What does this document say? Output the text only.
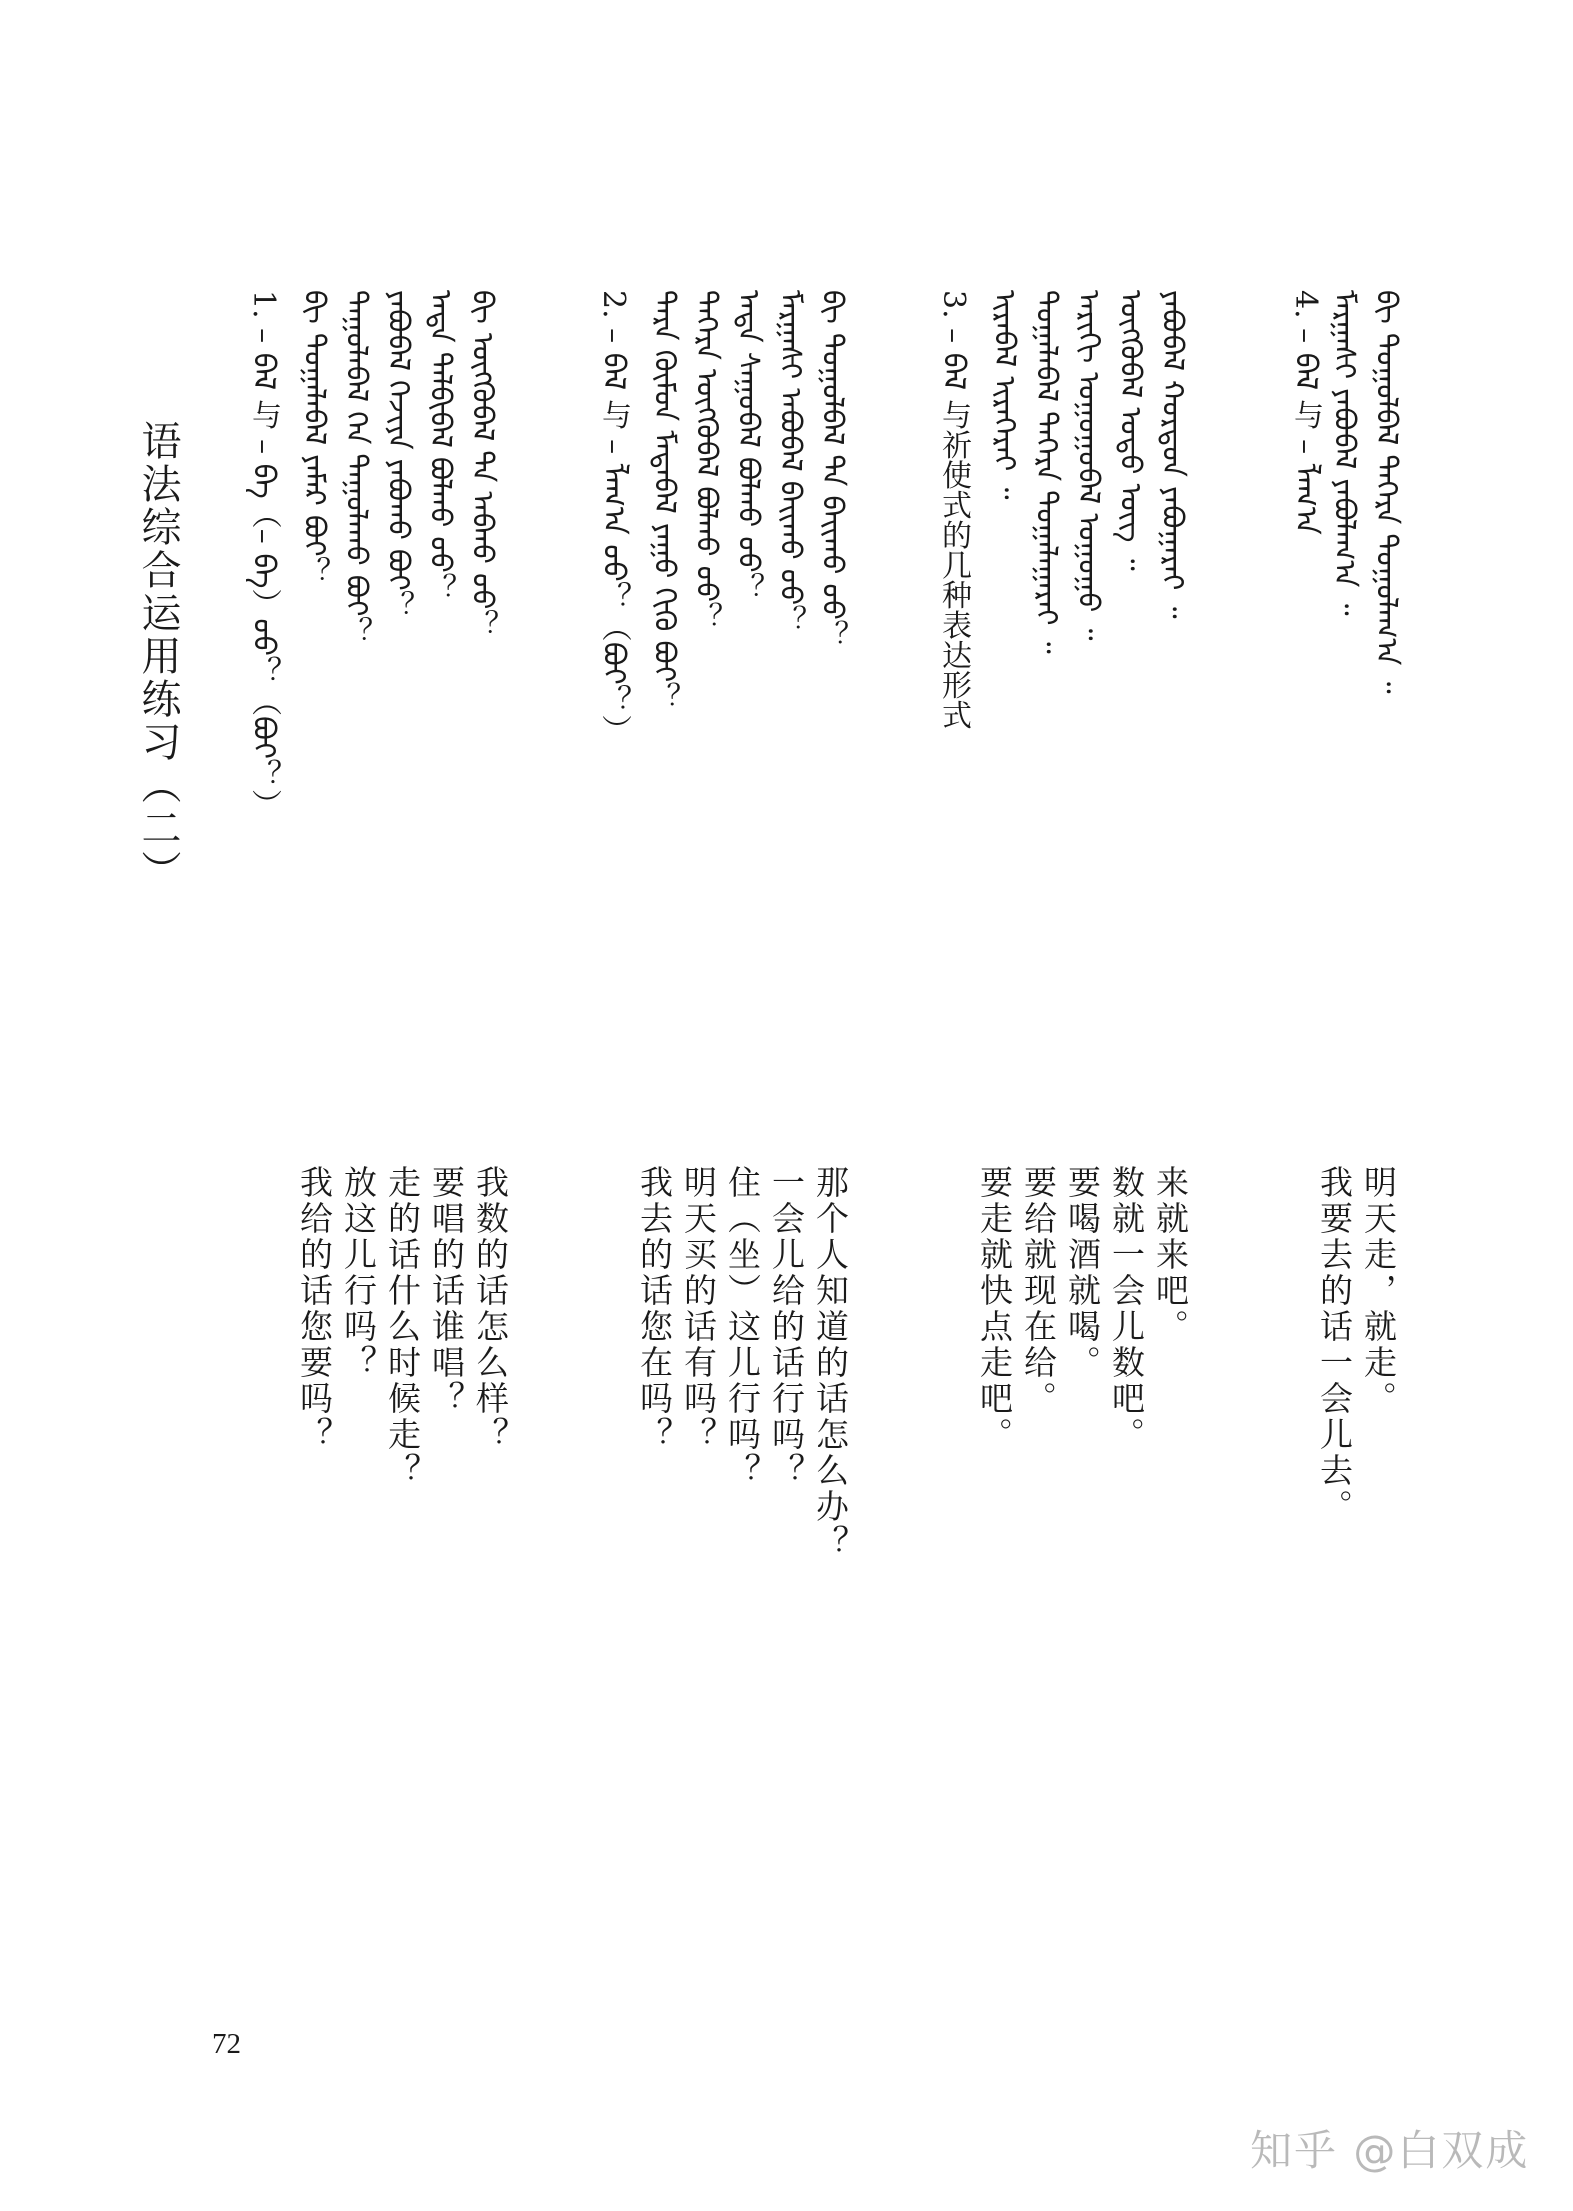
语法综合运用练习（二）
4. – ᠪᠠᠯ 与 – ᠯᠠᠭ᠎ᠠ ᠮᠠᠷᠭᠠᠰᠢ ᠶᠠᠪᠤᠪᠠᠯ ᠶᠠᠪᠤᠯᠠᠭ᠎ᠠ ᠃ ᠪᠢ ᠲᠤᠭᠤᠯᠪᠠᠯ ᠳᠡᠭᠡᠷᠡ ᠲᠤᠭᠤᠯᠠᠭ᠎ᠠ ᠃
3. – ᠪᠠᠯ 与祈使式的几种表达形式 ᠢᠷᠡᠪᠡᠯ ᠢᠷᠡᠭᠡᠷᠡᠢ ᠃ ᠲᠣᠭᠠᠯᠠᠪᠠᠯ ᠳᠡᠭᠡᠷᠡ ᠲᠣᠭᠠᠯᠠᠭᠠᠷᠠᠢ ᠃ ᠠᠷᠢᠬᠢ ᠤᠭᠤᠭᠤᠪᠠᠯ ᠤᠭᠤᠭᠤ ᠃ ᠥᠭᠭᠦᠪᠡᠯ ᠣᠳᠣ ᠥᠭ ᠃ ᠶᠠᠪᠤᠪᠠᠯ ᠬᠤᠷᠳᠤᠨ ᠶᠠᠪᠤᠭᠠᠷᠠᠢ ᠃
2. – ᠪᠠᠯ 与 – ᠯᠠᠭ᠎ᠠ ᠤᠤ？（ᠪᠤᠢ？） ᠲᠡᠷᠡ ᠬᠦᠮᠦᠨ ᠮᠡᠳᠡᠪᠡᠯ ᠶᠠᠭᠤ ᠬᠢᠬᠦ ᠪᠤᠢ？ ᠳᠡᠭᠡᠷᠡ ᠥᠭᠭᠦᠪᠡᠯ ᠪᠣᠯᠬᠤ ᠤᠤ？ ᠡᠨᠳᠡ ᠰᠠᠭᠤᠪᠠᠯ ᠪᠣᠯᠬᠤ ᠤᠤ？ ᠮᠠᠷᠭᠠᠰᠢ ᠠᠪᠤᠪᠠᠯ ᠪᠠᠢᠬᠤ ᠤᠤ？ ᠪᠢ ᠲᠤᠭᠤᠯᠪᠠᠯ ᠲᠠ ᠪᠠᠢᠬᠤ ᠤᠤ？
1. – ᠪᠠᠯ 与 – ᠪᠠ（– ᠪᠡ）ᠤᠤ？（ᠪᠤᠢ？） ᠪᠢ ᠲᠣᠭᠠᠯᠠᠪᠠᠯ ᠶᠠᠮᠠᠷ ᠪᠤᠢ？ ᠳᠠᠭᠤᠯᠠᠪᠠᠯ ᠬᠡᠨ ᠳᠠᠭᠤᠯᠠᠬᠤ ᠪᠤᠢ？ ᠶᠠᠪᠤᠪᠠᠯ ᠬᠡᠵᠢᠶᠡ ᠶᠠᠪᠤᠬᠤ ᠪᠤᠢ？ ᠡᠨᠳᠡ ᠲᠠᠯᠪᠢᠪᠠᠯ ᠪᠣᠯᠬᠤ ᠤᠤ？ ᠪᠢ ᠥᠭᠭᠦᠪᠡᠯ ᠲᠠ ᠠᠪᠬᠤ ᠤᠤ？
我要去的话一会儿去。 明天走，就走。
要走就快点走吧。 要给就现在给。 要喝酒就喝。 数就一会儿数吧。 来就来吧。
我去的话您在吗？ 明天买的话有吗？ 住（坐）这儿行吗？ 一会儿给的话行吗？ 那个人知道的话怎么办？
我给的话您要吗？ 放这儿行吗？ 走的话什么时候走？ 要唱的话谁唱？ 我数的话怎么样？
72
知乎 @白双成
